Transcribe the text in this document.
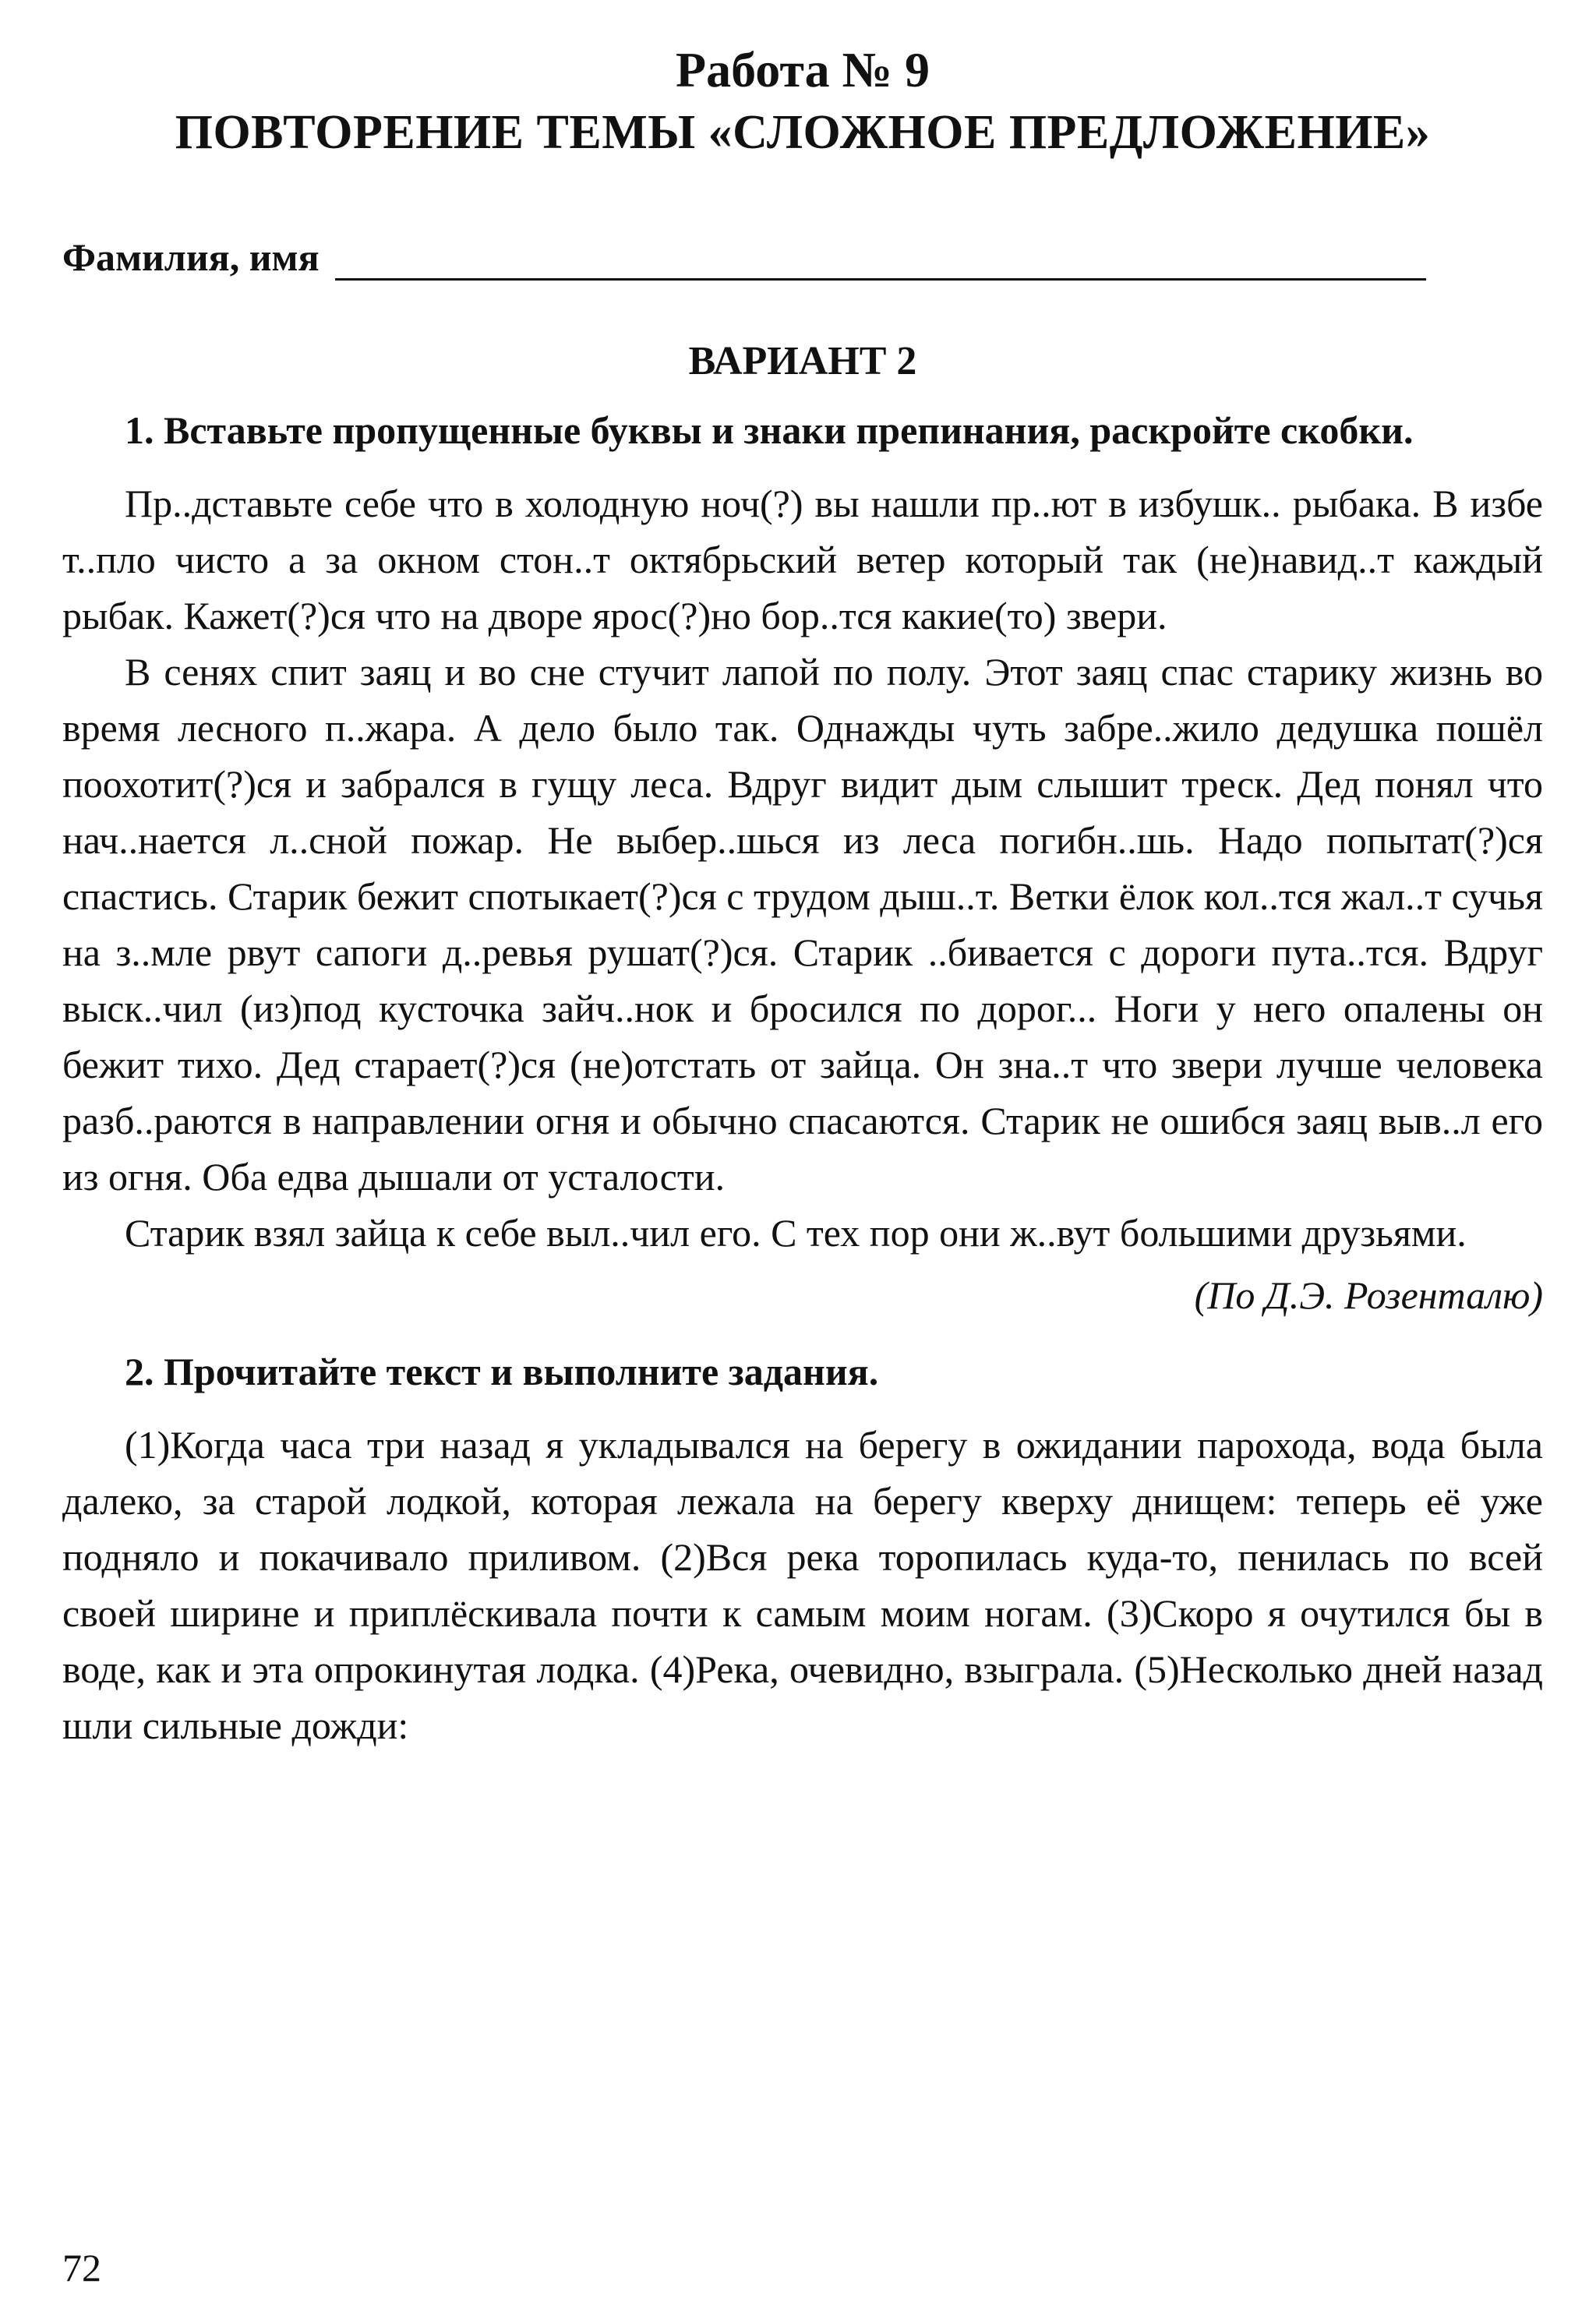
Работа № 9
ПОВТОРЕНИЕ ТЕМЫ «СЛОЖНОЕ ПРЕДЛОЖЕНИЕ»
Фамилия, имя
ВАРИАНТ 2
1. Вставьте пропущенные буквы и знаки препинания, раскройте скобки.

Пр..дставьте себе что в холодную ноч(?) вы нашли пр..ют в избушк.. рыбака. В избе т..пло чисто а за окном стон..т октябрьский ветер который так (не)навид..т каждый рыбак. Кажет(?)ся что на дворе ярос(?)но бор..тся какие(то) звери.

В сенях спит заяц и во сне стучит лапой по полу. Этот заяц спас старику жизнь во время лесного п..жара. А дело было так. Однажды чуть забре..жило дедушка пошёл поохотит(?)ся и забрался в гущу леса. Вдруг видит дым слышит треск. Дед понял что нач..нается л..сной пожар. Не выбер..шься из леса погибн..шь. Надо попытат(?)ся спастись. Старик бежит спотыкает(?)ся с трудом дыш..т. Ветки ёлок кол..тся жал..т сучья на з..мле рвут сапоги д..ревья рушат(?)ся. Старик ..бивается с дороги пута..тся. Вдруг выск..чил (из)под кусточка зайч..нок и бросился по дорог... Ноги у него опалены он бежит тихо. Дед старает(?)ся (не)отстать от зайца. Он зна..т что звери лучше человека разб..раются в направлении огня и обычно спасаются. Старик не ошибся заяц выв..л его из огня. Оба едва дышали от усталости.

Старик взял зайца к себе выл..чил его. С тех пор они ж..вут большими друзьями.

(По Д.Э. Розенталю)
2. Прочитайте текст и выполните задания.

(1)Когда часа три назад я укладывался на берегу в ожидании парохода, вода была далеко, за старой лодкой, которая лежала на берегу кверху днищем: теперь её уже подняло и покачивало приливом. (2)Вся река торопилась куда-то, пенилась по всей своей ширине и приплёскивала почти к самым моим ногам. (3)Скоро я очутился бы в воде, как и эта опрокинутая лодка. (4)Река, очевидно, взыграла. (5)Несколько дней назад шли сильные дожди:

72
